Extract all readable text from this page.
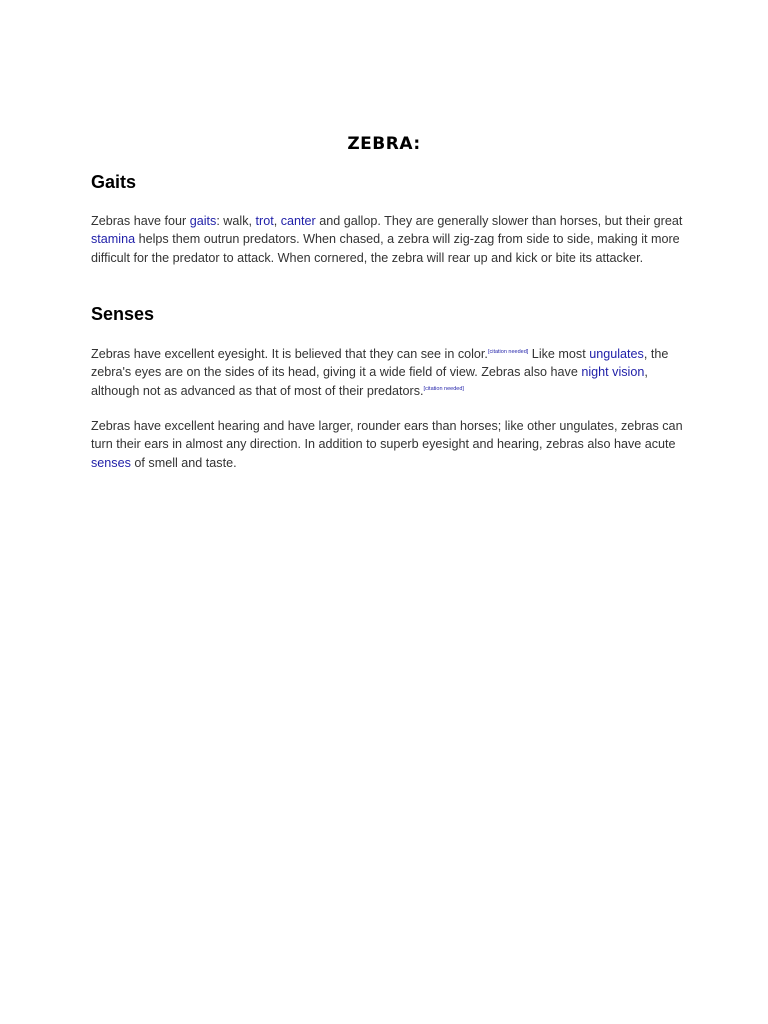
ZEBRA:
Gaits

Zebras have four gaits: walk, trot, canter and gallop. They are generally slower than horses, but their great stamina helps them outrun predators. When chased, a zebra will zig-zag from side to side, making it more difficult for the predator to attack. When cornered, the zebra will rear up and kick or bite its attacker.

Senses

Zebras have excellent eyesight. It is believed that they can see in color.[citation needed] Like most ungulates, the zebra's eyes are on the sides of its head, giving it a wide field of view. Zebras also have night vision, although not as advanced as that of most of their predators.[citation needed]

Zebras have excellent hearing and have larger, rounder ears than horses; like other ungulates, zebras can turn their ears in almost any direction. In addition to superb eyesight and hearing, zebras also have acute senses of smell and taste.
